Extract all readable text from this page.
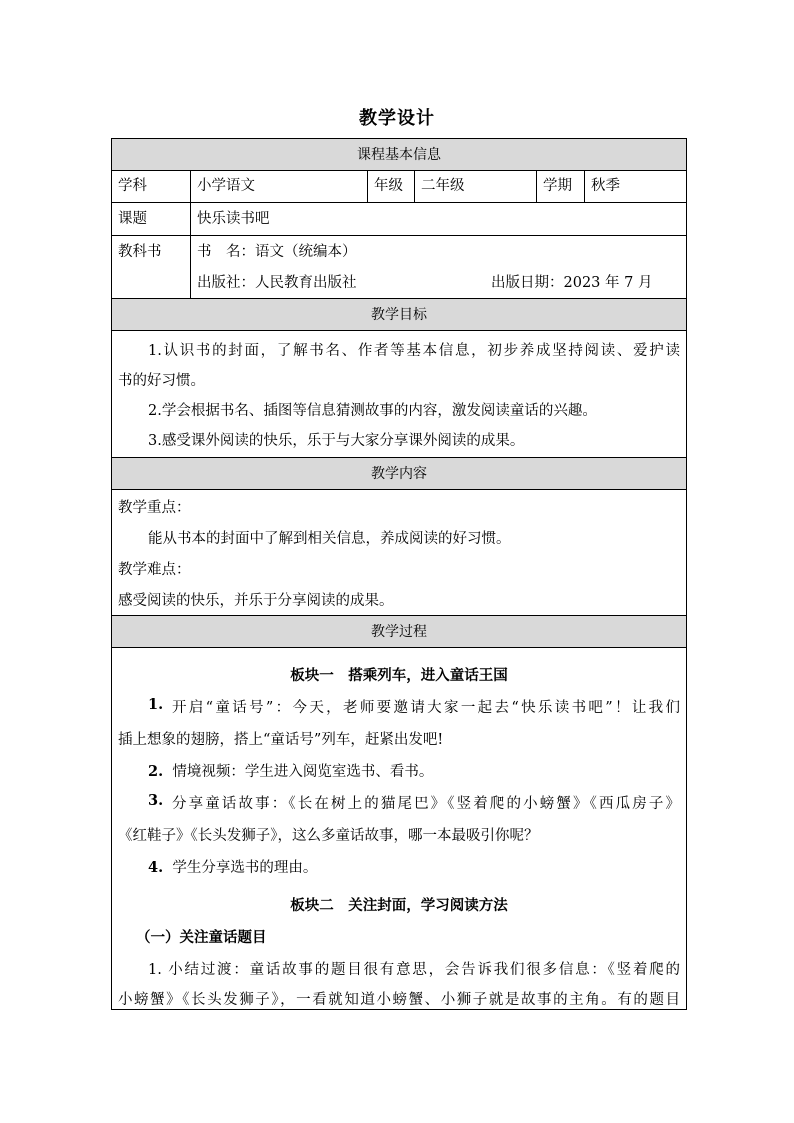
教学设计
课程基本信息
学科	小学语文	年级	二年级	学期	秋季
课题	快乐读书吧
教科书	书　名：语文（统编本）
出版社：人民教育出版社	出版日期：2023 年 7 月
教学目标
1.认识书的封面，了解书名、作者等基本信息，初步养成坚持阅读、爱护读
书的好习惯。
2.学会根据书名、插图等信息猜测故事的内容，激发阅读童话的兴趣。
3.感受课外阅读的快乐，乐于与大家分享课外阅读的成果。
教学内容
教学重点：
能从书本的封面中了解到相关信息，养成阅读的好习惯。
教学难点：
感受阅读的快乐，并乐于分享阅读的成果。
教学过程
板块一　搭乘列车，进入童话王国
1. 开启“童话号”：今天，老师要邀请大家一起去“快乐读书吧”！让我们
插上想象的翅膀，搭上“童话号”列车，赶紧出发吧!
2. 情境视频：学生进入阅览室选书、看书。
3. 分享童话故事：《长在树上的猫尾巴》《竖着爬的小螃蟹》《西瓜房子》
《红鞋子》《长头发狮子》，这么多童话故事，哪一本最吸引你呢？
4. 学生分享选书的理由。
板块二　关注封面，学习阅读方法
（一）关注童话题目
1. 小结过渡：童话故事的题目很有意思，会告诉我们很多信息：《竖着爬的
小螃蟹》《长头发狮子》，一看就知道小螃蟹、小狮子就是故事的主角。有的题目
